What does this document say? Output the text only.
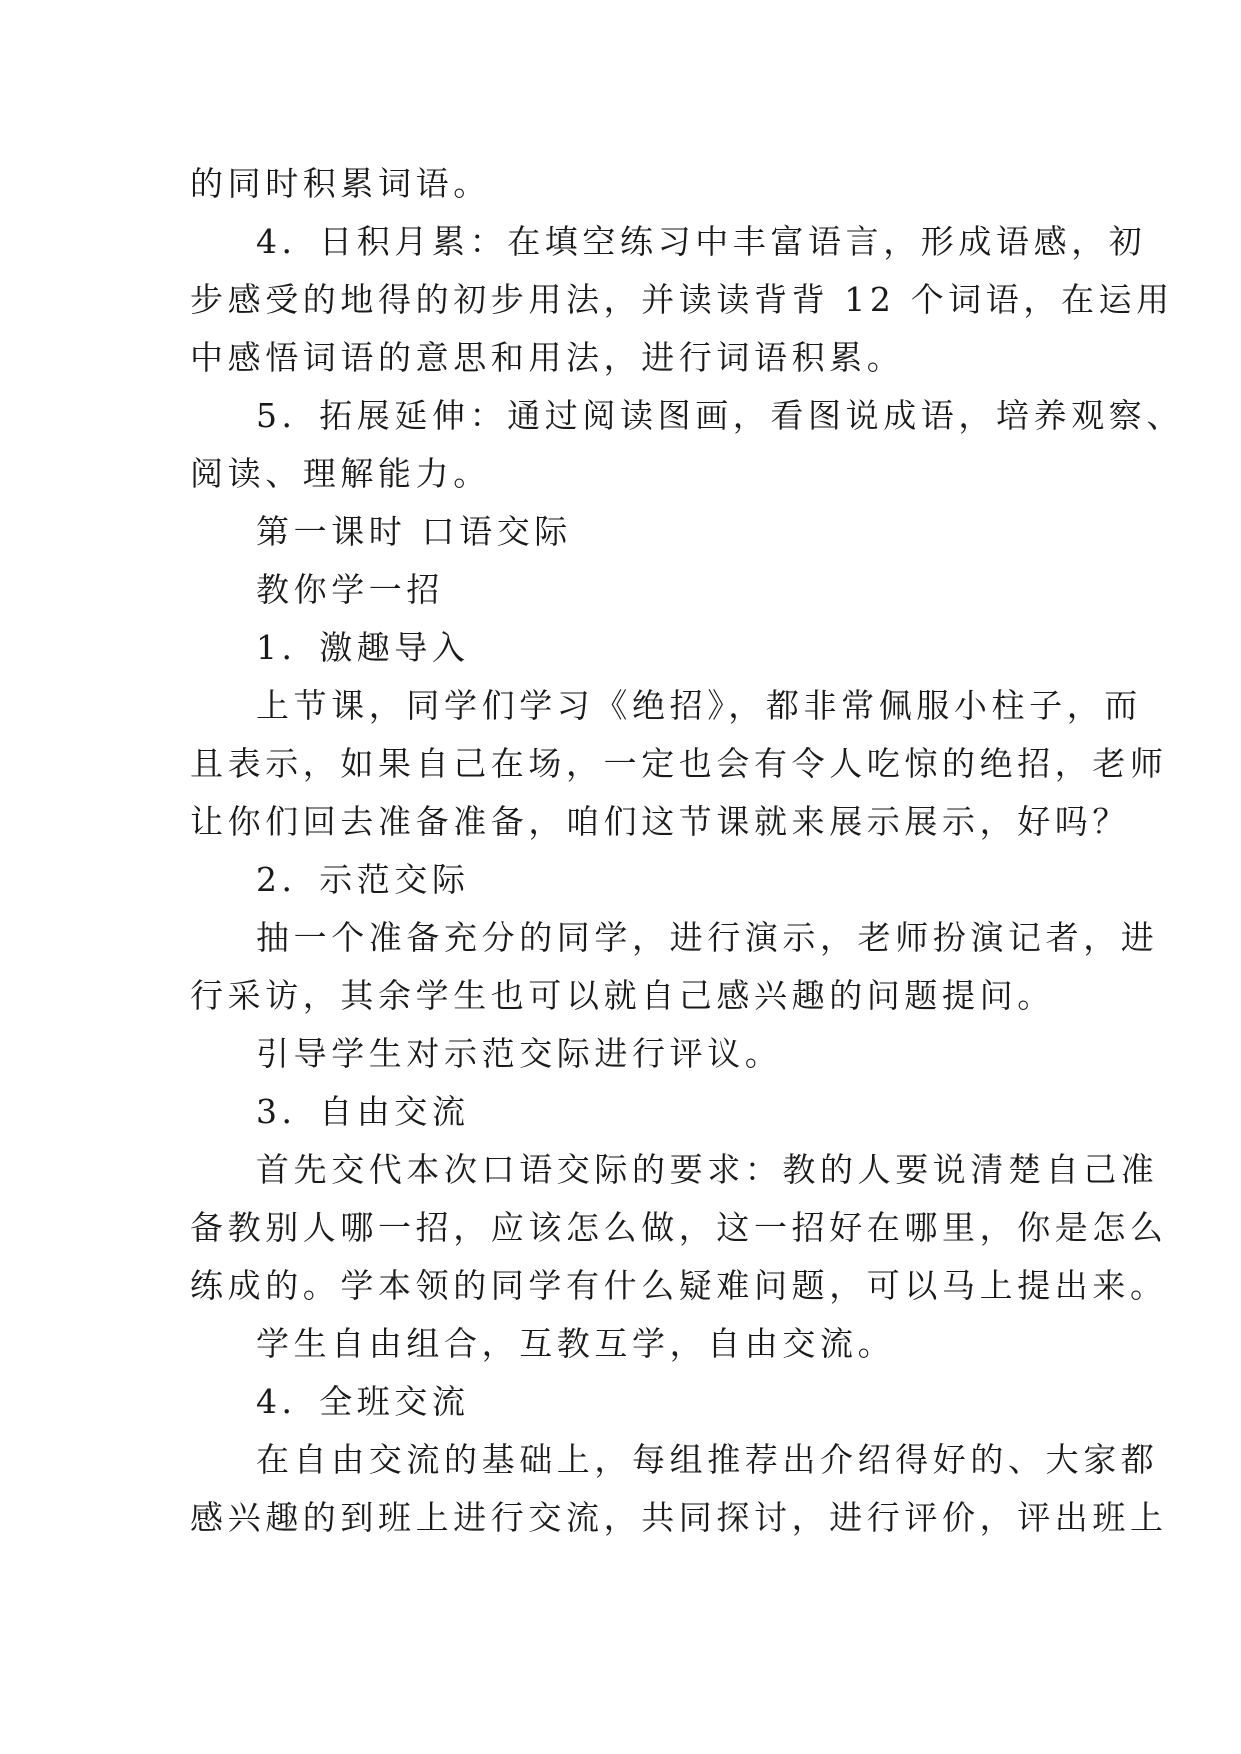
的同时积累词语。
4．日积月累：在填空练习中丰富语言，形成语感，初
步感受的地得的初步用法，并读读背背 12 个词语，在运用
中感悟词语的意思和用法，进行词语积累。
5．拓展延伸：通过阅读图画，看图说成语，培养观察、
阅读、理解能力。
第一课时 口语交际
教你学一招
1．激趣导入
上节课，同学们学习《绝招》，都非常佩服小柱子，而
且表示，如果自己在场，一定也会有令人吃惊的绝招，老师
让你们回去准备准备，咱们这节课就来展示展示，好吗？
2．示范交际
抽一个准备充分的同学，进行演示，老师扮演记者，进
行采访，其余学生也可以就自己感兴趣的问题提问。
引导学生对示范交际进行评议。
3．自由交流
首先交代本次口语交际的要求：教的人要说清楚自己准
备教别人哪一招，应该怎么做，这一招好在哪里，你是怎么
练成的。学本领的同学有什么疑难问题，可以马上提出来。
学生自由组合，互教互学，自由交流。
4．全班交流
在自由交流的基础上，每组推荐出介绍得好的、大家都
感兴趣的到班上进行交流，共同探讨，进行评价，评出班上
